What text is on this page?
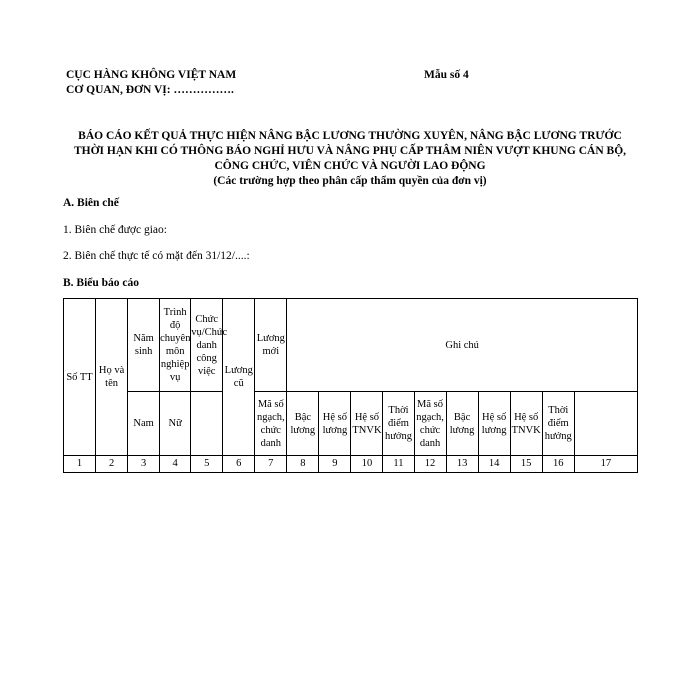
CỤC HÀNG KHÔNG VIỆT NAM
CƠ QUAN, ĐƠN VỊ: …………….
Mẫu số 4
BÁO CÁO KẾT QUẢ THỰC HIỆN NÂNG BẬC LƯƠNG THƯỜNG XUYÊN, NÂNG BẬC LƯƠNG TRƯỚC
THỜI HẠN KHI CÓ THÔNG BÁO NGHỈ HƯU VÀ NÂNG PHỤ CẤP THÂM NIÊN VƯỢT KHUNG CÁN BỘ,
CÔNG CHỨC, VIÊN CHỨC VÀ NGƯỜI LAO ĐỘNG
(Các trường hợp theo phân cấp thẩm quyền của đơn vị)
A. Biên chế
1. Biên chế được giao:
2. Biên chế thực tế có mặt đến 31/12/....:
B. Biểu báo cáo
Số TT	Họ và tên	Năm sinh	Trình độ chuyên môn nghiệp vụ	Chức vụ/Chức danh công việc	Lương cũ	Lương mới	Ghi chú									
		Nam	Nữ			Mã số ngạch, chức danh	Bậc lương	Hệ số lương	Hệ số TNVK	Thời điểm hưởng	Mã số ngạch, chức danh	Bậc lương	Hệ số lương	Hệ số TNVK	Thời điểm hưởng	
1	2	3	4	5	6	7	8	9	10	11	12	13	14	15	16	17
